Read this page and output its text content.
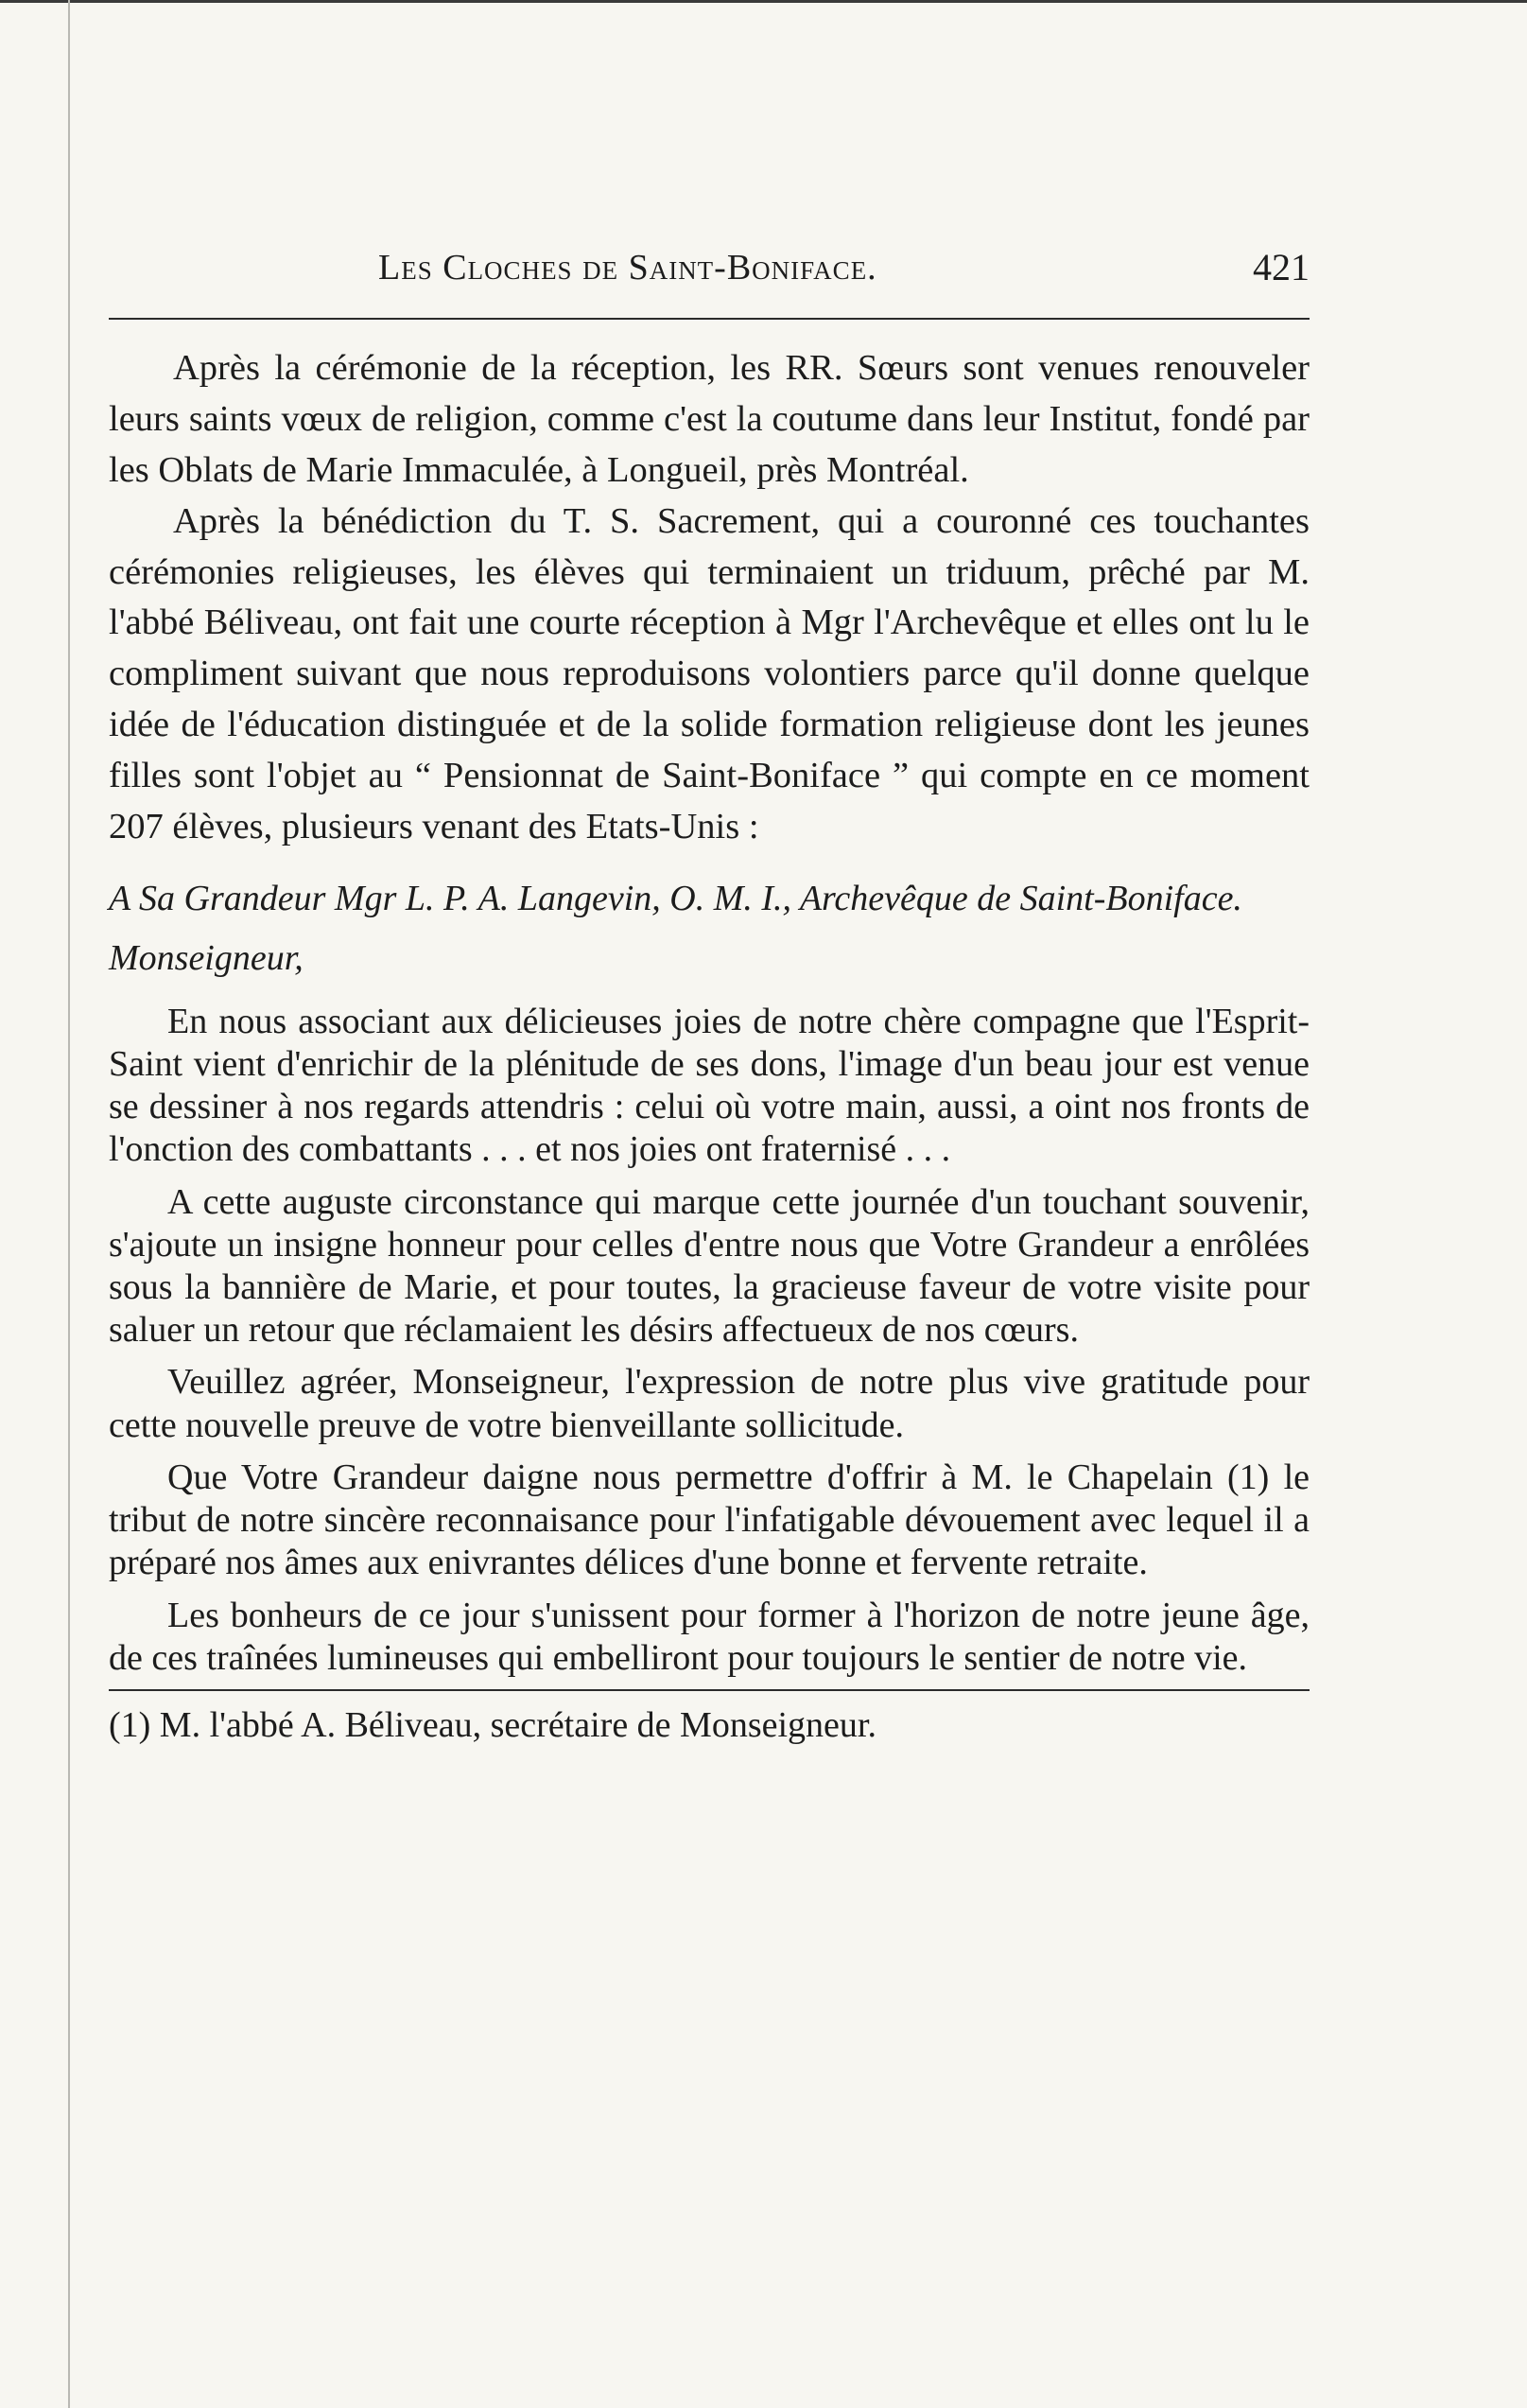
Les Cloches de Saint-Boniface.	421

Après la cérémonie de la réception, les RR. Sœurs sont venues renouveler leurs saints vœux de religion, comme c'est la coutume dans leur Institut, fondé par les Oblats de Marie Immaculée, à Longueil, près Montréal.

Après la bénédiction du T. S. Sacrement, qui a couronné ces touchantes cérémonies religieuses, les élèves qui terminaient un triduum, prêché par M. l'abbé Béliveau, ont fait une courte réception à Mgr l'Archevêque et elles ont lu le compliment suivant que nous reproduisons volontiers parce qu'il donne quelque idée de l'éducation distinguée et de la solide formation religieuse dont les jeunes filles sont l'objet au “ Pensionnat de Saint-Boniface ” qui compte en ce moment 207 élèves, plusieurs venant des Etats-Unis :

A Sa Grandeur Mgr L. P. A. Langevin, O. M. I., Archevêque de Saint-Boniface.
Monseigneur,

En nous associant aux délicieuses joies de notre chère compagne que l'Esprit-Saint vient d'enrichir de la plénitude de ses dons, l'image d'un beau jour est venue se dessiner à nos regards attendris : celui où votre main, aussi, a oint nos fronts de l'onction des combattants . . . et nos joies ont fraternisé . . .

A cette auguste circonstance qui marque cette journée d'un touchant souvenir, s'ajoute un insigne honneur pour celles d'entre nous que Votre Grandeur a enrôlées sous la bannière de Marie, et pour toutes, la gracieuse faveur de votre visite pour saluer un retour que réclamaient les désirs affectueux de nos cœurs.

Veuillez agréer, Monseigneur, l'expression de notre plus vive gratitude pour cette nouvelle preuve de votre bienveillante sollicitude.

Que Votre Grandeur daigne nous permettre d'offrir à M. le Chapelain (1) le tribut de notre sincère reconnaisance pour l'infatigable dévouement avec lequel il a préparé nos âmes aux enivrantes délices d'une bonne et fervente retraite.

Les bonheurs de ce jour s'unissent pour former à l'horizon de notre jeune âge, de ces traînées lumineuses qui embelliront pour toujours le sentier de notre vie.

(1) M. l'abbé A. Béliveau, secrétaire de Monseigneur.
